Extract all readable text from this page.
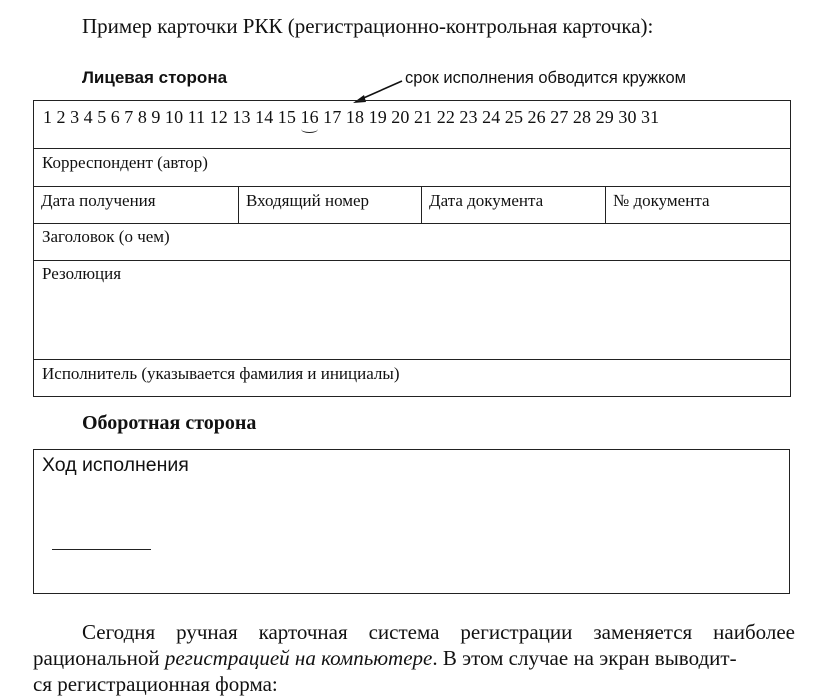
Пример карточки РКК (регистрационно-контрольная карточка):
Лицевая сторона	срок исполнения обводится кружком
1 2 3 4 5 6 7 8 9 10 11 12 13 14 15 16 17 18 19 20 21 22 23 24 25 26 27 28 29 30 31
Корреспондент (автор)
Дата получения	Входящий номер	Дата документа	№ документа
Заголовок (о чем)
Резолюция
Исполнитель (указывается фамилия и инициалы)
Оборотная сторона
Ход исполнения
Сегодня ручная карточная система регистрации заменяется наиболее
рациональной регистрацией на компьютере. В этом случае на экран выводит-
ся регистрационная форма:
